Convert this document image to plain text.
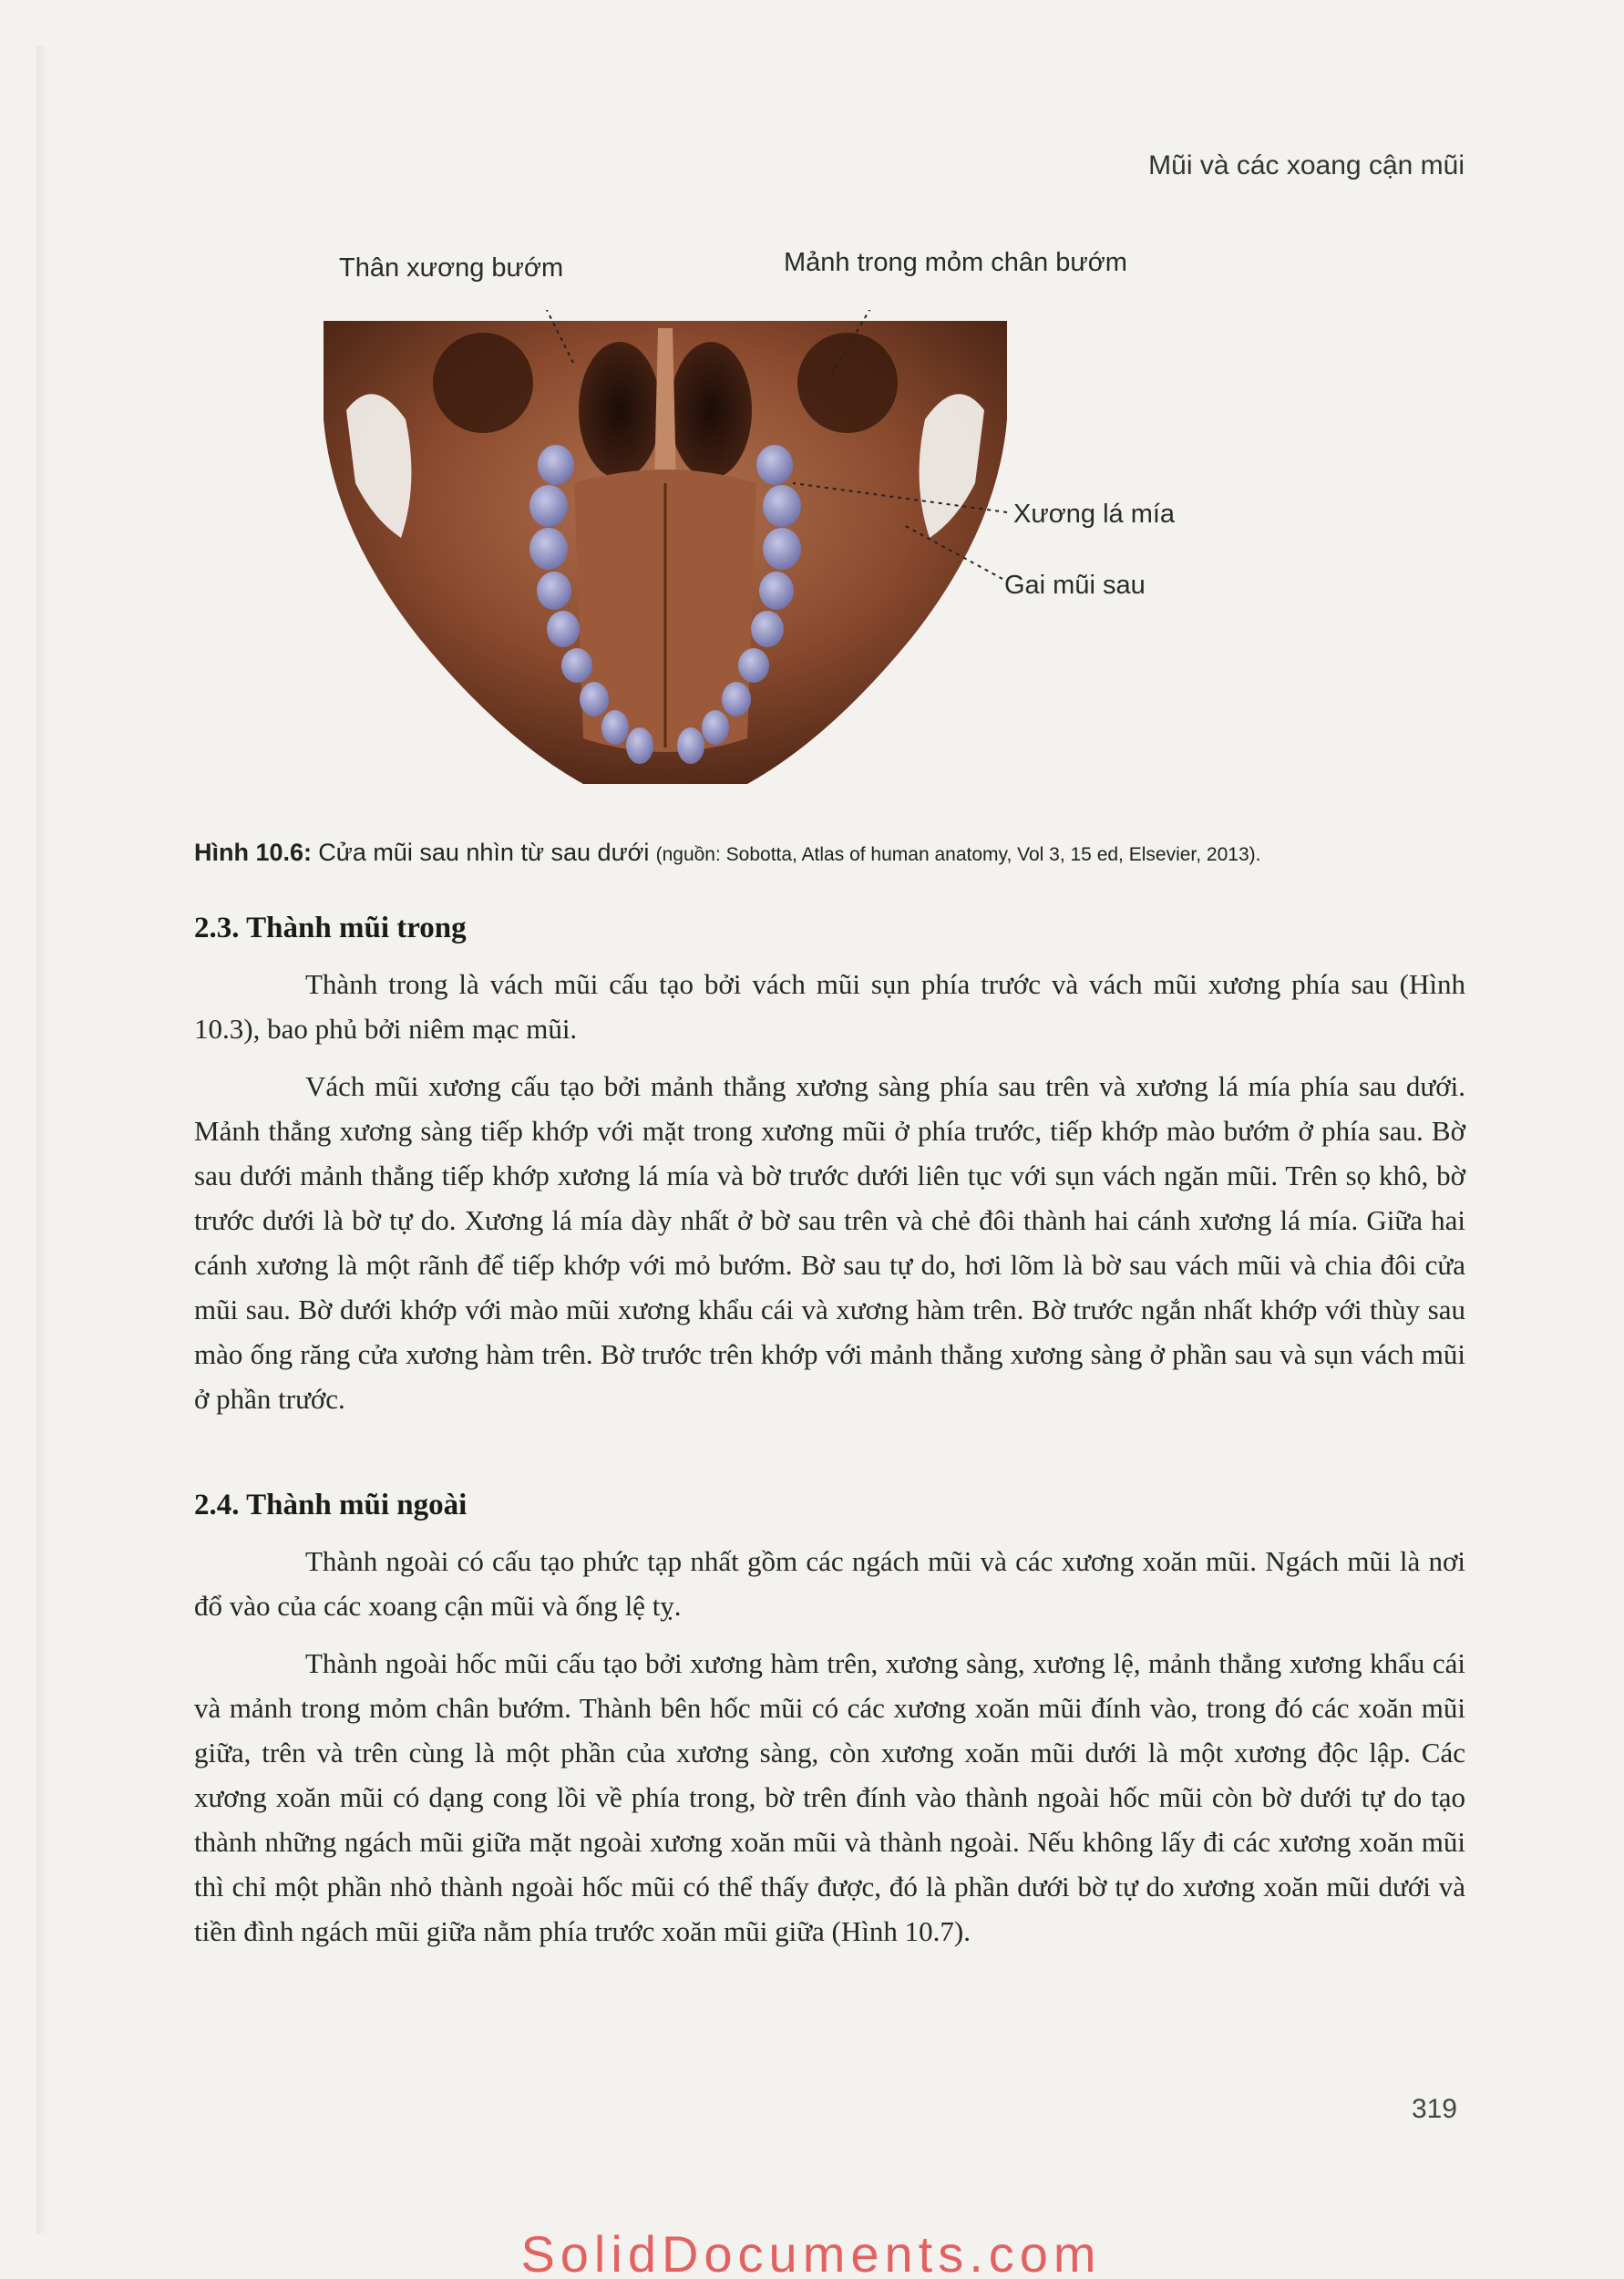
Mũi và các xoang cận mũi
Thân xương bướm	Mảnh trong mỏm chân bướm
Xương lá mía
Gai mũi sau
Hình 10.6: Cửa mũi sau nhìn từ sau dưới (nguồn: Sobotta, Atlas of human anatomy, Vol 3, 15 ed, Elsevier, 2013).
2.3. Thành mũi trong

Thành trong là vách mũi cấu tạo bởi vách mũi sụn phía trước và vách mũi xương phía sau (Hình 10.3), bao phủ bởi niêm mạc mũi.

Vách mũi xương cấu tạo bởi mảnh thẳng xương sàng phía sau trên và xương lá mía phía sau dưới. Mảnh thẳng xương sàng tiếp khớp với mặt trong xương mũi ở phía trước, tiếp khớp mào bướm ở phía sau. Bờ sau dưới mảnh thẳng tiếp khớp xương lá mía và bờ trước dưới liên tục với sụn vách ngăn mũi. Trên sọ khô, bờ trước dưới là bờ tự do. Xương lá mía dày nhất ở bờ sau trên và chẻ đôi thành hai cánh xương lá mía. Giữa hai cánh xương là một rãnh để tiếp khớp với mỏ bướm. Bờ sau tự do, hơi lõm là bờ sau vách mũi và chia đôi cửa mũi sau. Bờ dưới khớp với mào mũi xương khẩu cái và xương hàm trên. Bờ trước ngắn nhất khớp với thùy sau mào ống răng cửa xương hàm trên. Bờ trước trên khớp với mảnh thẳng xương sàng ở phần sau và sụn vách mũi ở phần trước.

2.4. Thành mũi ngoài

Thành ngoài có cấu tạo phức tạp nhất gồm các ngách mũi và các xương xoăn mũi. Ngách mũi là nơi đổ vào của các xoang cận mũi và ống lệ tỵ.

Thành ngoài hốc mũi cấu tạo bởi xương hàm trên, xương sàng, xương lệ, mảnh thẳng xương khẩu cái và mảnh trong mỏm chân bướm. Thành bên hốc mũi có các xương xoăn mũi đính vào, trong đó các xoăn mũi giữa, trên và trên cùng là một phần của xương sàng, còn xương xoăn mũi dưới là một xương độc lập. Các xương xoăn mũi có dạng cong lồi về phía trong, bờ trên đính vào thành ngoài hốc mũi còn bờ dưới tự do tạo thành những ngách mũi giữa mặt ngoài xương xoăn mũi và thành ngoài. Nếu không lấy đi các xương xoăn mũi thì chỉ một phần nhỏ thành ngoài hốc mũi có thể thấy được, đó là phần dưới bờ tự do xương xoăn mũi dưới và tiền đình ngách mũi giữa nằm phía trước xoăn mũi giữa (Hình 10.7).

319
SolidDocuments.com
